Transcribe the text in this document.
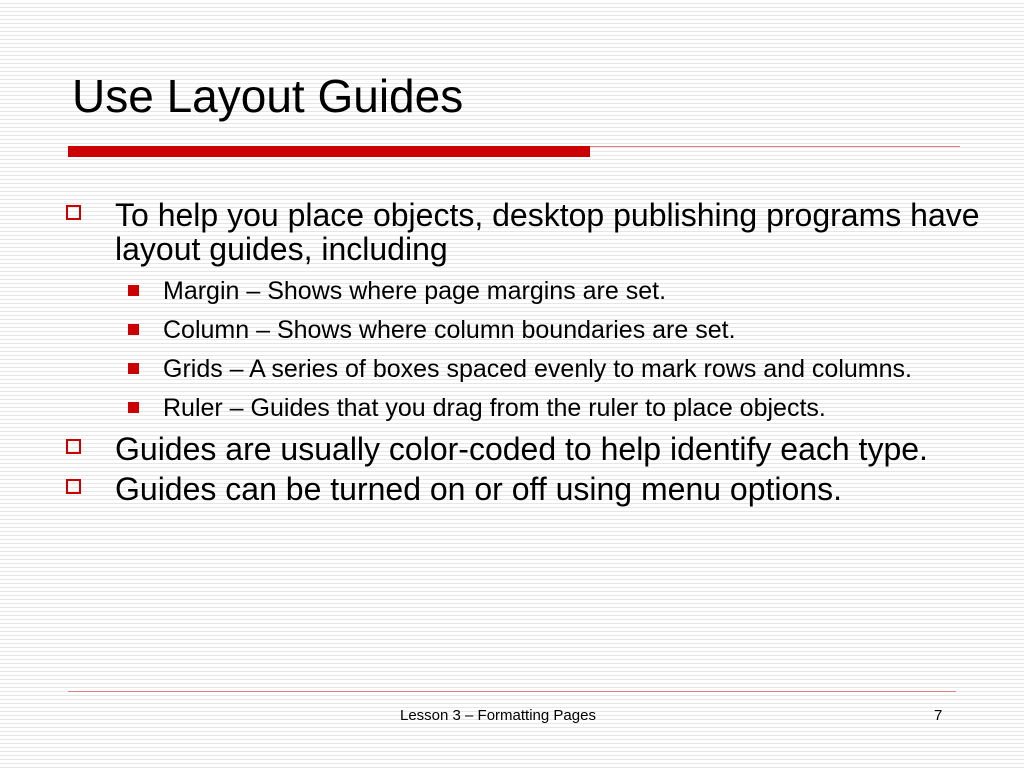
Use Layout Guides
To help you place objects, desktop publishing programs have layout guides, including
Margin – Shows where page margins are set.
Column – Shows where column boundaries are set.
Grids – A series of boxes spaced evenly to mark rows and columns.
Ruler – Guides that you drag from the ruler to place objects.
Guides are usually color-coded to help identify each type.
Guides can be turned on or off using menu options.
Lesson 3 – Formatting Pages	7
